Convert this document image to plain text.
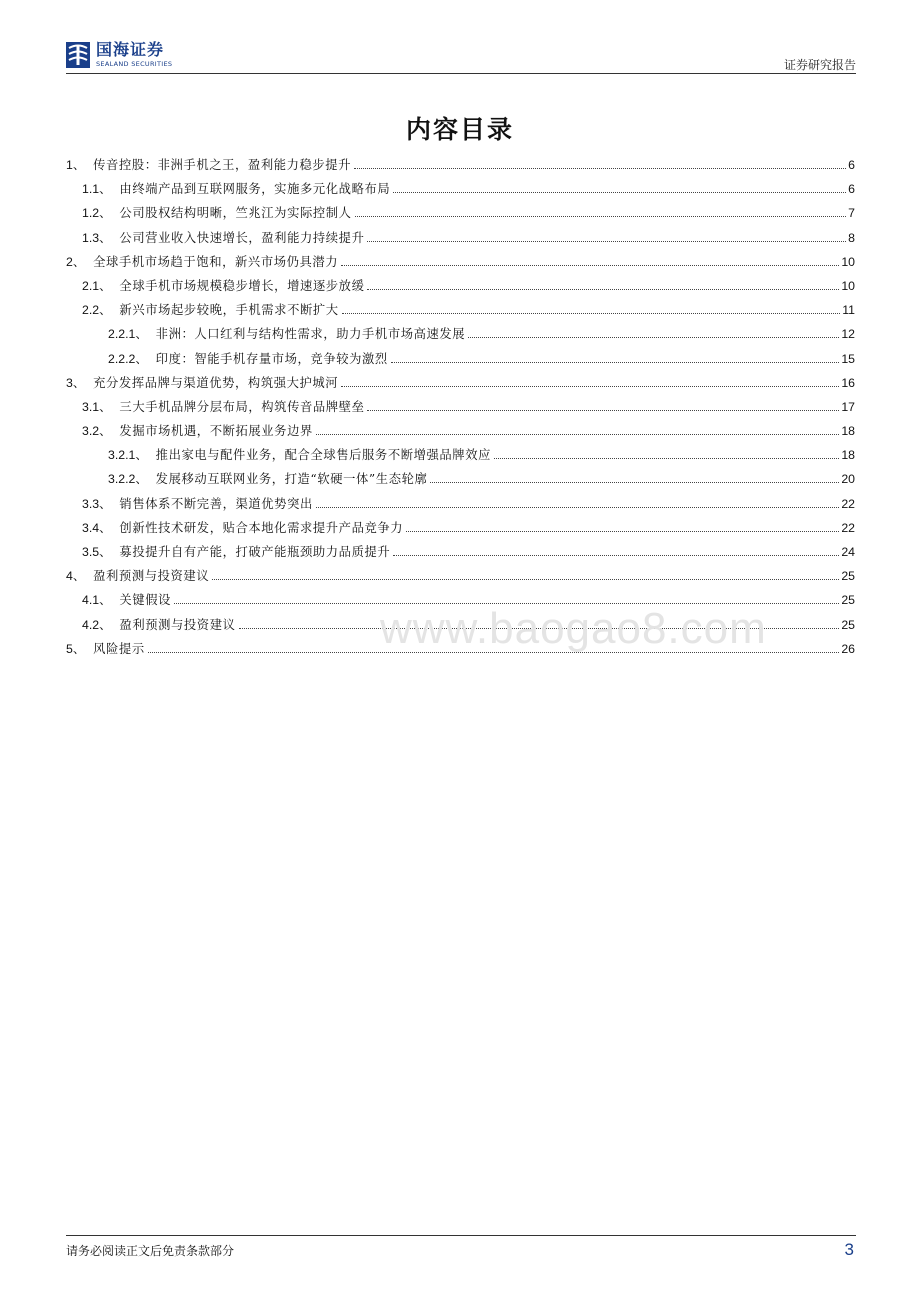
国海证券
SEALAND SECURITIES	证券研究报告
内容目录
1 、 传音控股：非洲手机之王，盈利能力稳步提升	6
1.1 、 由终端产品到互联网服务，实施多元化战略布局	6
1.2 、 公司股权结构明晰，竺兆江为实际控制人	7
1.3 、 公司营业收入快速增长，盈利能力持续提升	8
2 、 全球手机市场趋于饱和，新兴市场仍具潜力	10
2.1 、 全球手机市场规模稳步增长，增速逐步放缓	10
2.2 、 新兴市场起步较晚，手机需求不断扩大	11
2.2.1 、 非洲：人口红利与结构性需求，助力手机市场高速发展	12
2.2.2 、 印度：智能手机存量市场，竞争较为激烈	15
3 、 充分发挥品牌与渠道优势，构筑强大护城河	16
3.1 、 三大手机品牌分层布局，构筑传音品牌壁垒	17
3.2 、 发掘市场机遇，不断拓展业务边界	18
3.2.1 、 推出家电与配件业务，配合全球售后服务不断增强品牌效应	18
3.2.2 、 发展移动互联网业务，打造“软硬一体”生态轮廓	20
3.3 、 销售体系不断完善，渠道优势突出	22
3.4 、 创新性技术研发，贴合本地化需求提升产品竞争力	22
3.5 、 募投提升自有产能，打破产能瓶颈助力品质提升	24
4 、 盈利预测与投资建议	25
4.1 、 关键假设	25
4.2 、 盈利预测与投资建议	25
5 、 风险提示	26
www.baogao8.com
请务必阅读正文后免责条款部分	3
